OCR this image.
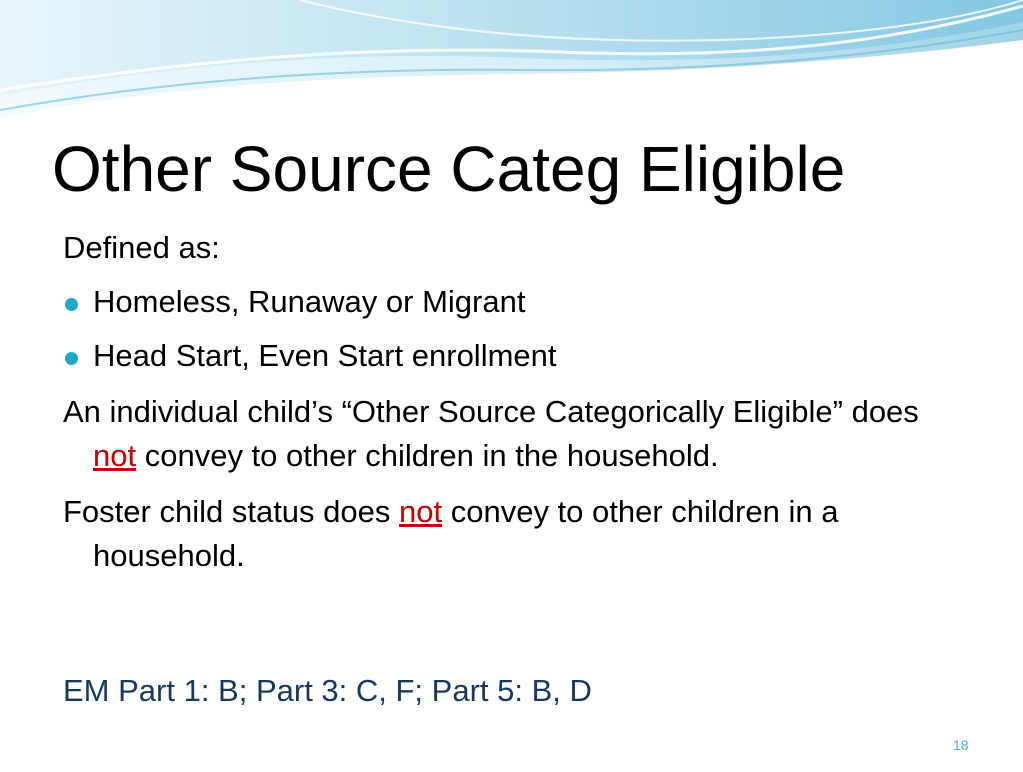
Other Source Categ Eligible

Defined as:

Homeless, Runaway or Migrant
Head Start, Even Start enrollment

An individual child’s “Other Source Categorically Eligible” does not convey to other children in the household.

Foster child status does not convey to other children in a household.

EM Part 1: B; Part 3: C, F; Part 5: B, D
18
